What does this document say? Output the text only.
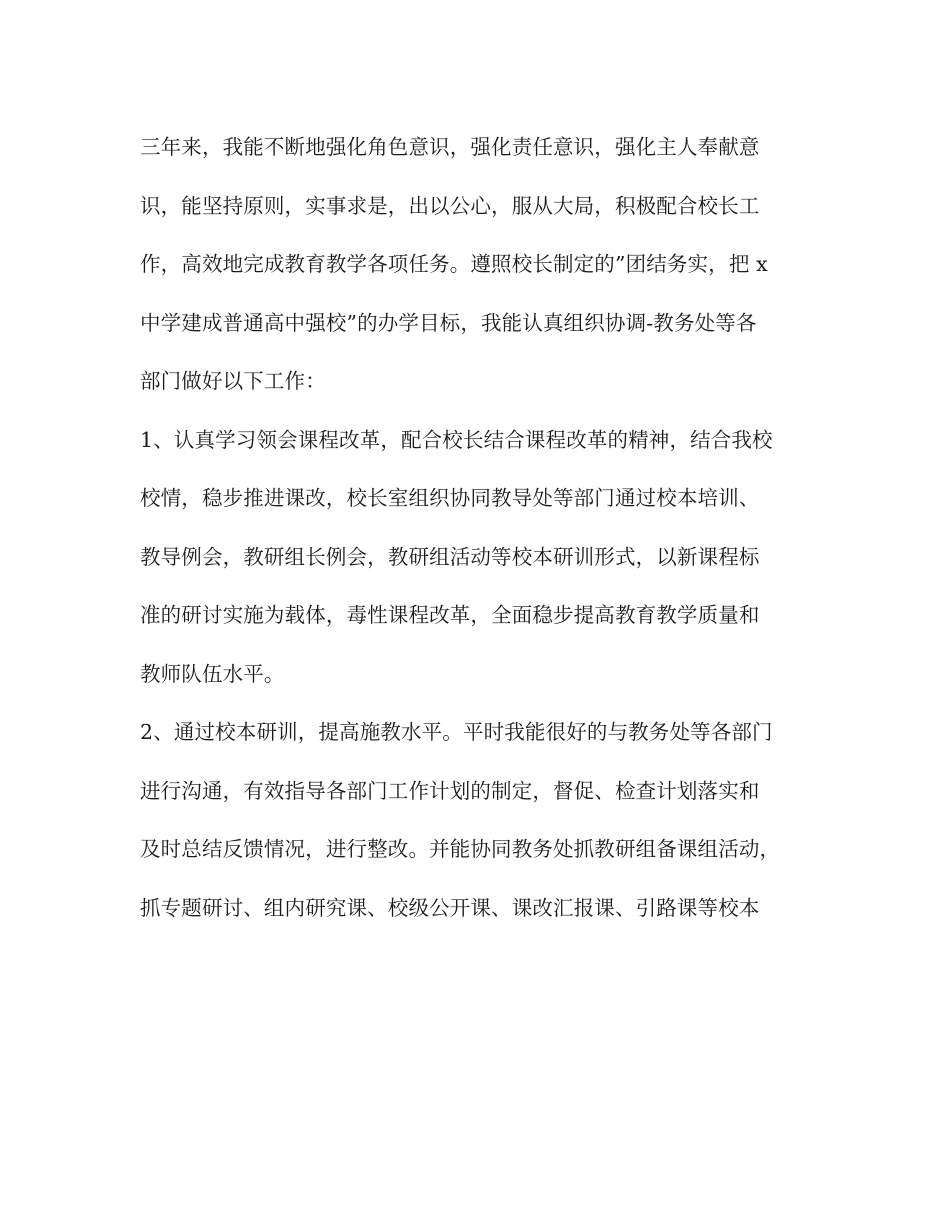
三年来，我能不断地强化角色意识，强化责任意识，强化主人奉献意
识，能坚持原则，实事求是，出以公心，服从大局，积极配合校长工
作，高效地完成教育教学各项任务。遵照校长制定的”团结务实，把 x
中学建成普通高中强校”的办学目标，我能认真组织协调-教务处等各
部门做好以下工作：
1、认真学习领会课程改革，配合校长结合课程改革的精神，结合我校
校情，稳步推进课改，校长室组织协同教导处等部门通过校本培训、
教导例会，教研组长例会，教研组活动等校本研训形式，以新课程标
准的研讨实施为载体，毒性课程改革，全面稳步提高教育教学质量和
教师队伍水平。
2、通过校本研训，提高施教水平。平时我能很好的与教务处等各部门
进行沟通，有效指导各部门工作计划的制定，督促、检查计划落实和
及时总结反馈情况，进行整改。并能协同教务处抓教研组备课组活动，
抓专题研讨、组内研究课、校级公开课、课改汇报课、引路课等校本
